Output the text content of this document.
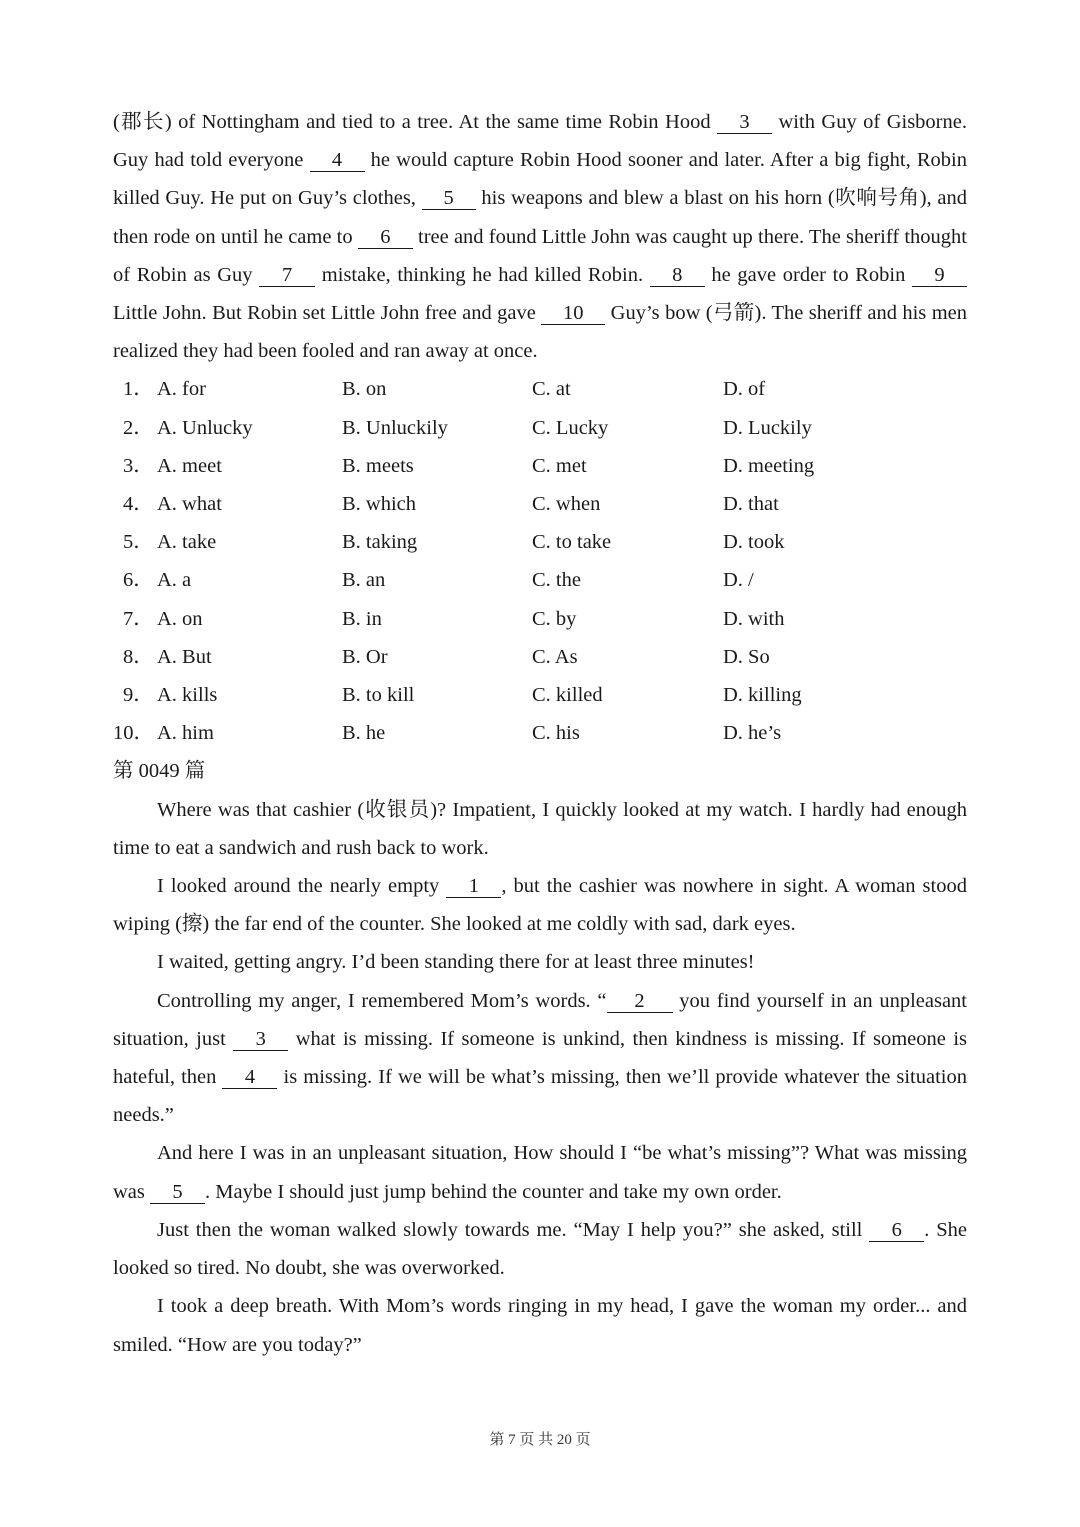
(郡长) of Nottingham and tied to a tree. At the same time Robin Hood 3 with Guy of Gisborne. Guy had told everyone 4 he would capture Robin Hood sooner and later. After a big fight, Robin killed Guy. He put on Guy’s clothes, 5 his weapons and blew a blast on his horn (吹响号角), and then rode on until he came to 6 tree and found Little John was caught up there. The sheriff thought of Robin as Guy 7 mistake, thinking he had killed Robin. 8 he gave order to Robin 9 Little John. But Robin set Little John free and gave 10 Guy’s bow (弓箭). The sheriff and his men realized they had been fooled and ran away at once.

1． A. for	B. on	C. at	D. of
2． A. Unlucky	B. Unluckily	C. Lucky	D. Luckily
3． A. meet	B. meets	C. met	D. meeting
4． A. what	B. which	C. when	D. that
5． A. take	B. taking	C. to take	D. took
6． A. a	B. an	C. the	D. /
7． A. on	B. in	C. by	D. with
8． A. But	B. Or	C. As	D. So
9． A. kills	B. to kill	C. killed	D. killing
10． A. him	B. he	C. his	D. he’s

第 0049 篇

Where was that cashier (收银员)? Impatient, I quickly looked at my watch. I hardly had enough time to eat a sandwich and rush back to work.

I looked around the nearly empty 1 , but the cashier was nowhere in sight. A woman stood wiping (擦) the far end of the counter. She looked at me coldly with sad, dark eyes.

I waited, getting angry. I’d been standing there for at least three minutes!

Controlling my anger, I remembered Mom’s words. “ 2 you find yourself in an unpleasant situation, just 3 what is missing. If someone is unkind, then kindness is missing. If someone is hateful, then 4 is missing. If we will be what’s missing, then we’ll provide whatever the situation needs.”

And here I was in an unpleasant situation, How should I “be what’s missing”? What was missing was 5 . Maybe I should just jump behind the counter and take my own order.

Just then the woman walked slowly towards me. “May I help you?” she asked, still 6 . She looked so tired. No doubt, she was overworked.

I took a deep breath. With Mom’s words ringing in my head, I gave the woman my order... and smiled. “How are you today?”

第 7 页 共 20 页
